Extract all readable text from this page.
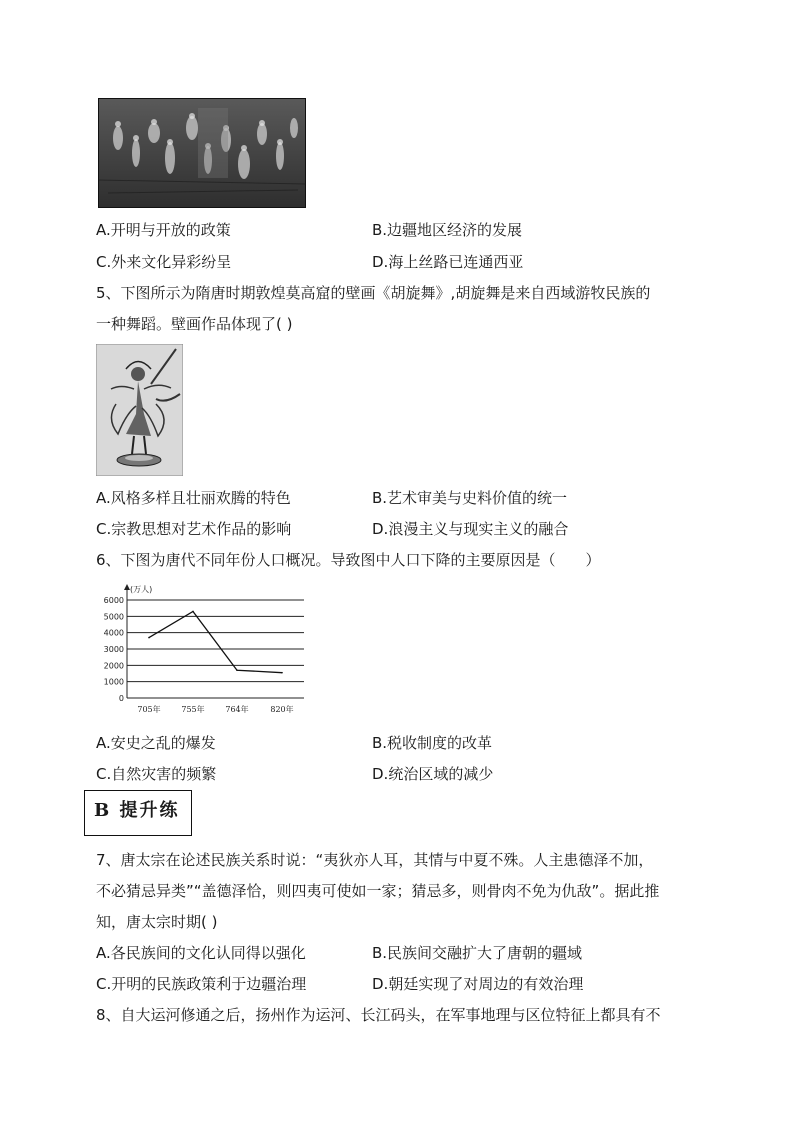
A.开明与开放的政策	B.边疆地区经济的发展
C.外来文化异彩纷呈	D.海上丝路已连通西亚
5、下图所示为隋唐时期敦煌莫高窟的壁画《胡旋舞》,胡旋舞是来自西域游牧民族的
一种舞蹈。壁画作品体现了( )
A.风格多样且壮丽欢腾的特色	B.艺术审美与史料价值的统一
C.宗教思想对艺术作品的影响	D.浪漫主义与现实主义的融合
6、下图为唐代不同年份人口概况。导致图中人口下降的主要原因是（　　）
0
1000
2000
3000
4000
5000
6000
(万人)
705年	755年	764年	820年
A.安史之乱的爆发	B.税收制度的改革
C.自然灾害的频繁	D.统治区域的减少
B 提升练
7、唐太宗在论述民族关系时说：“夷狄亦人耳，其情与中夏不殊。人主患德泽不加，
不必猜忌异类”“盖德泽恰，则四夷可使如一家；猜忌多，则骨肉不免为仇敌”。据此推
知，唐太宗时期( )
A.各民族间的文化认同得以强化	B.民族间交融扩大了唐朝的疆域
C.开明的民族政策利于边疆治理	D.朝廷实现了对周边的有效治理
8、自大运河修通之后，扬州作为运河、长江码头，在军事地理与区位特征上都具有不
